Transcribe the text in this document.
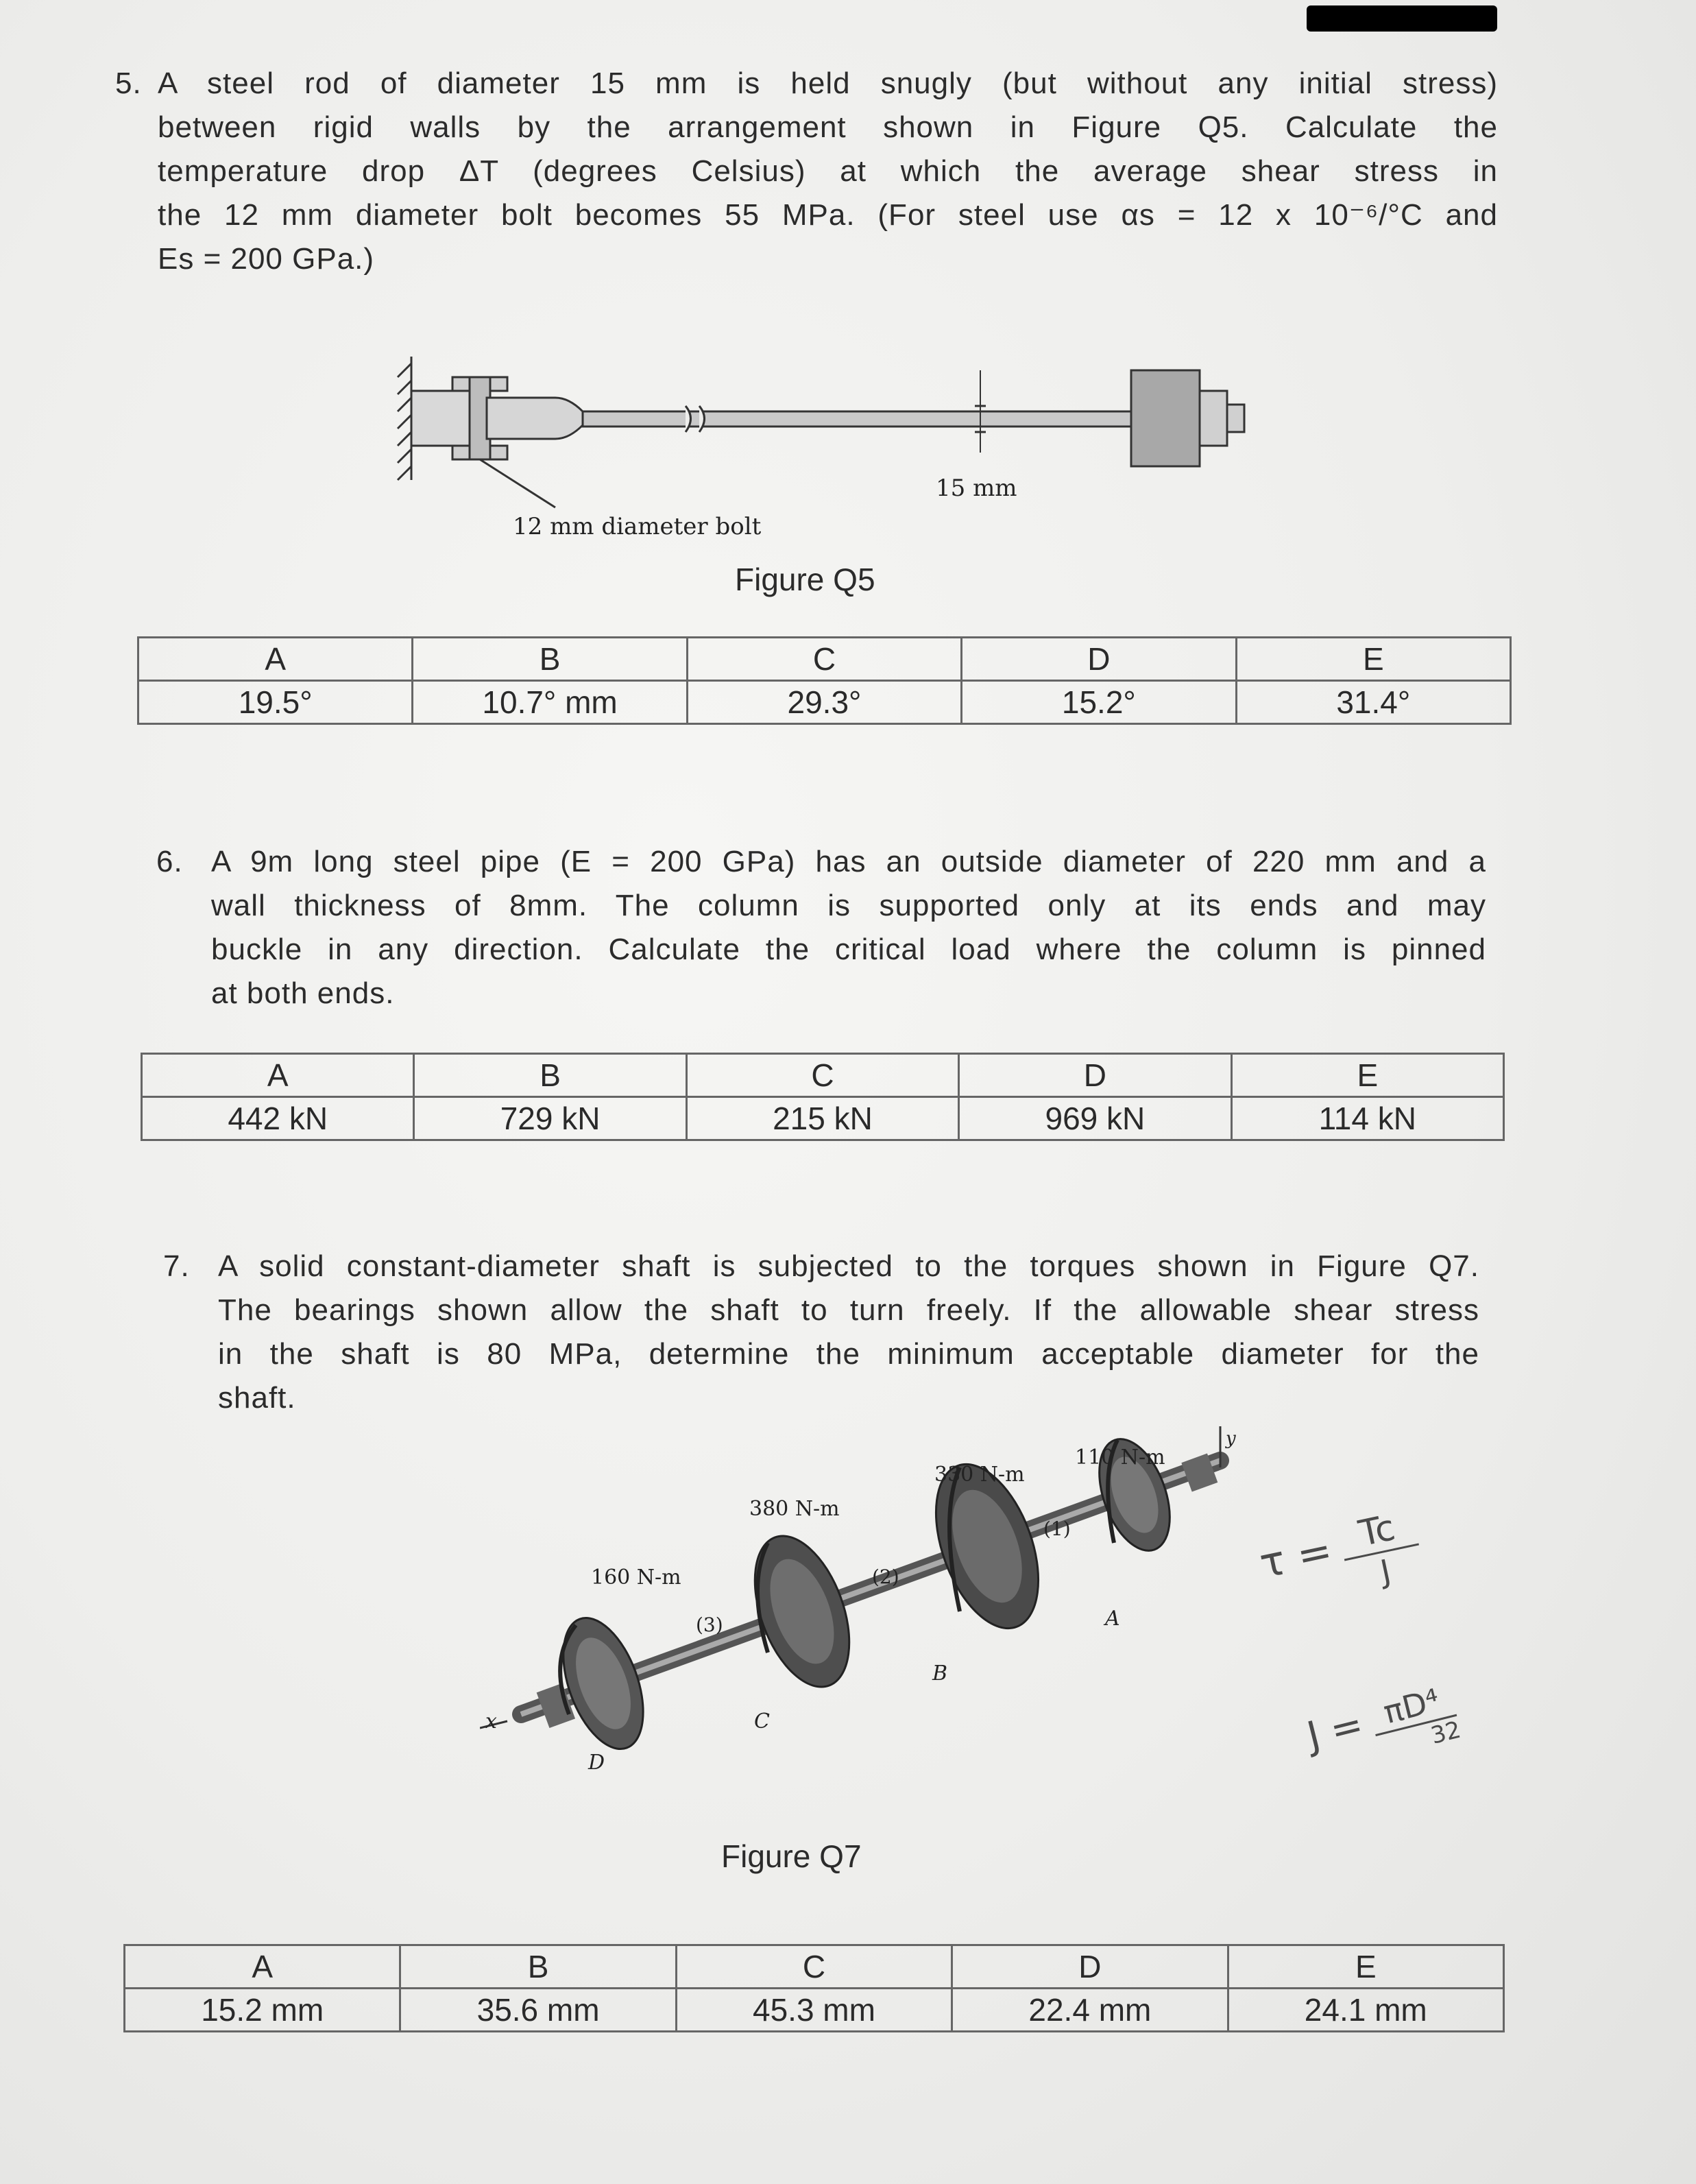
5. A steel rod of diameter 15 mm is held snugly (but without any initial stress)
between rigid walls by the arrangement shown in Figure Q5. Calculate the
temperature drop ΔT (degrees Celsius) at which the average shear stress in
the 12 mm diameter bolt becomes 55 MPa. (For steel use αs = 12 x 10⁻⁶/°C and
Es = 200 GPa.)
12 mm diameter bolt
15 mm
Figure Q5
A	B	C	D	E
19.5°	10.7° mm	29.3°	15.2°	31.4°
6. A 9m long steel pipe (E = 200 GPa) has an outside diameter of 220 mm and a
wall thickness of 8mm. The column is supported only at its ends and may
buckle in any direction. Calculate the critical load where the column is pinned
at both ends.
A	B	C	D	E
442 kN	729 kN	215 kN	969 kN	114 kN
7. A solid constant-diameter shaft is subjected to the torques shown in Figure Q7.
The bearings shown allow the shaft to turn freely. If the allowable shear stress
in the shaft is 80 MPa, determine the minimum acceptable diameter for the
shaft.
160 N-m
380 N-m
330 N-m
110 N-m
(3)
(2)
(1)
D
C
B
A
x
y
Figure Q7
A	B	C	D	E
15.2 mm	35.6 mm	45.3 mm	22.4 mm	24.1 mm
τ = Tc
J
J = πD⁴
32
